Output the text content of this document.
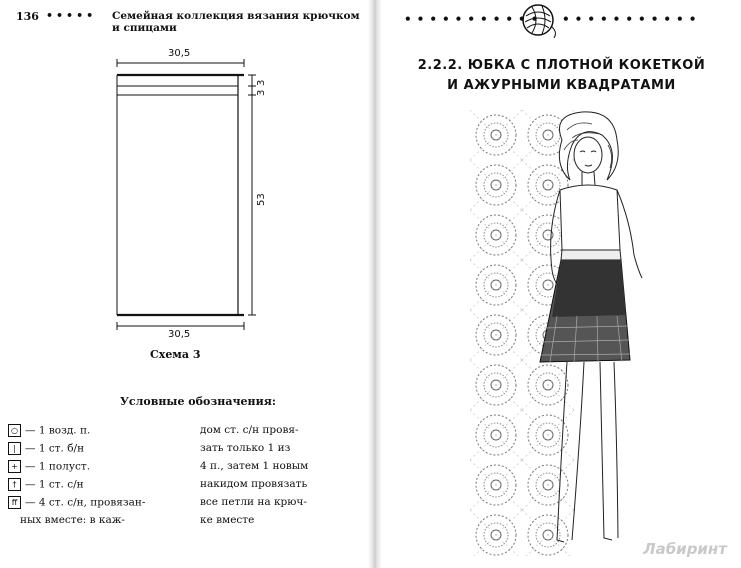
136 ••••• Семейная коллекция вязания крючком и спицами
30,5
3
3
53
30,5
Схема 3
Условные обозначения:
○ — 1 возд. п.
| — 1 ст. б/н
+ — 1 полуст.
† — 1 ст. с/н
ff — 4 ст. с/н, провязан-
ных вместе: в каж-
дом ст. с/н провя-
зать только 1 из
4 п., затем 1 новым
накидом провязать
все петли на крюч-
ке вместе
••••••••••• •••••••••••
2.2.2. ЮБКА С ПЛОТНОЙ КОКЕТКОЙ
И АЖУРНЫМИ КВАДРАТАМИ
Лабиринт
